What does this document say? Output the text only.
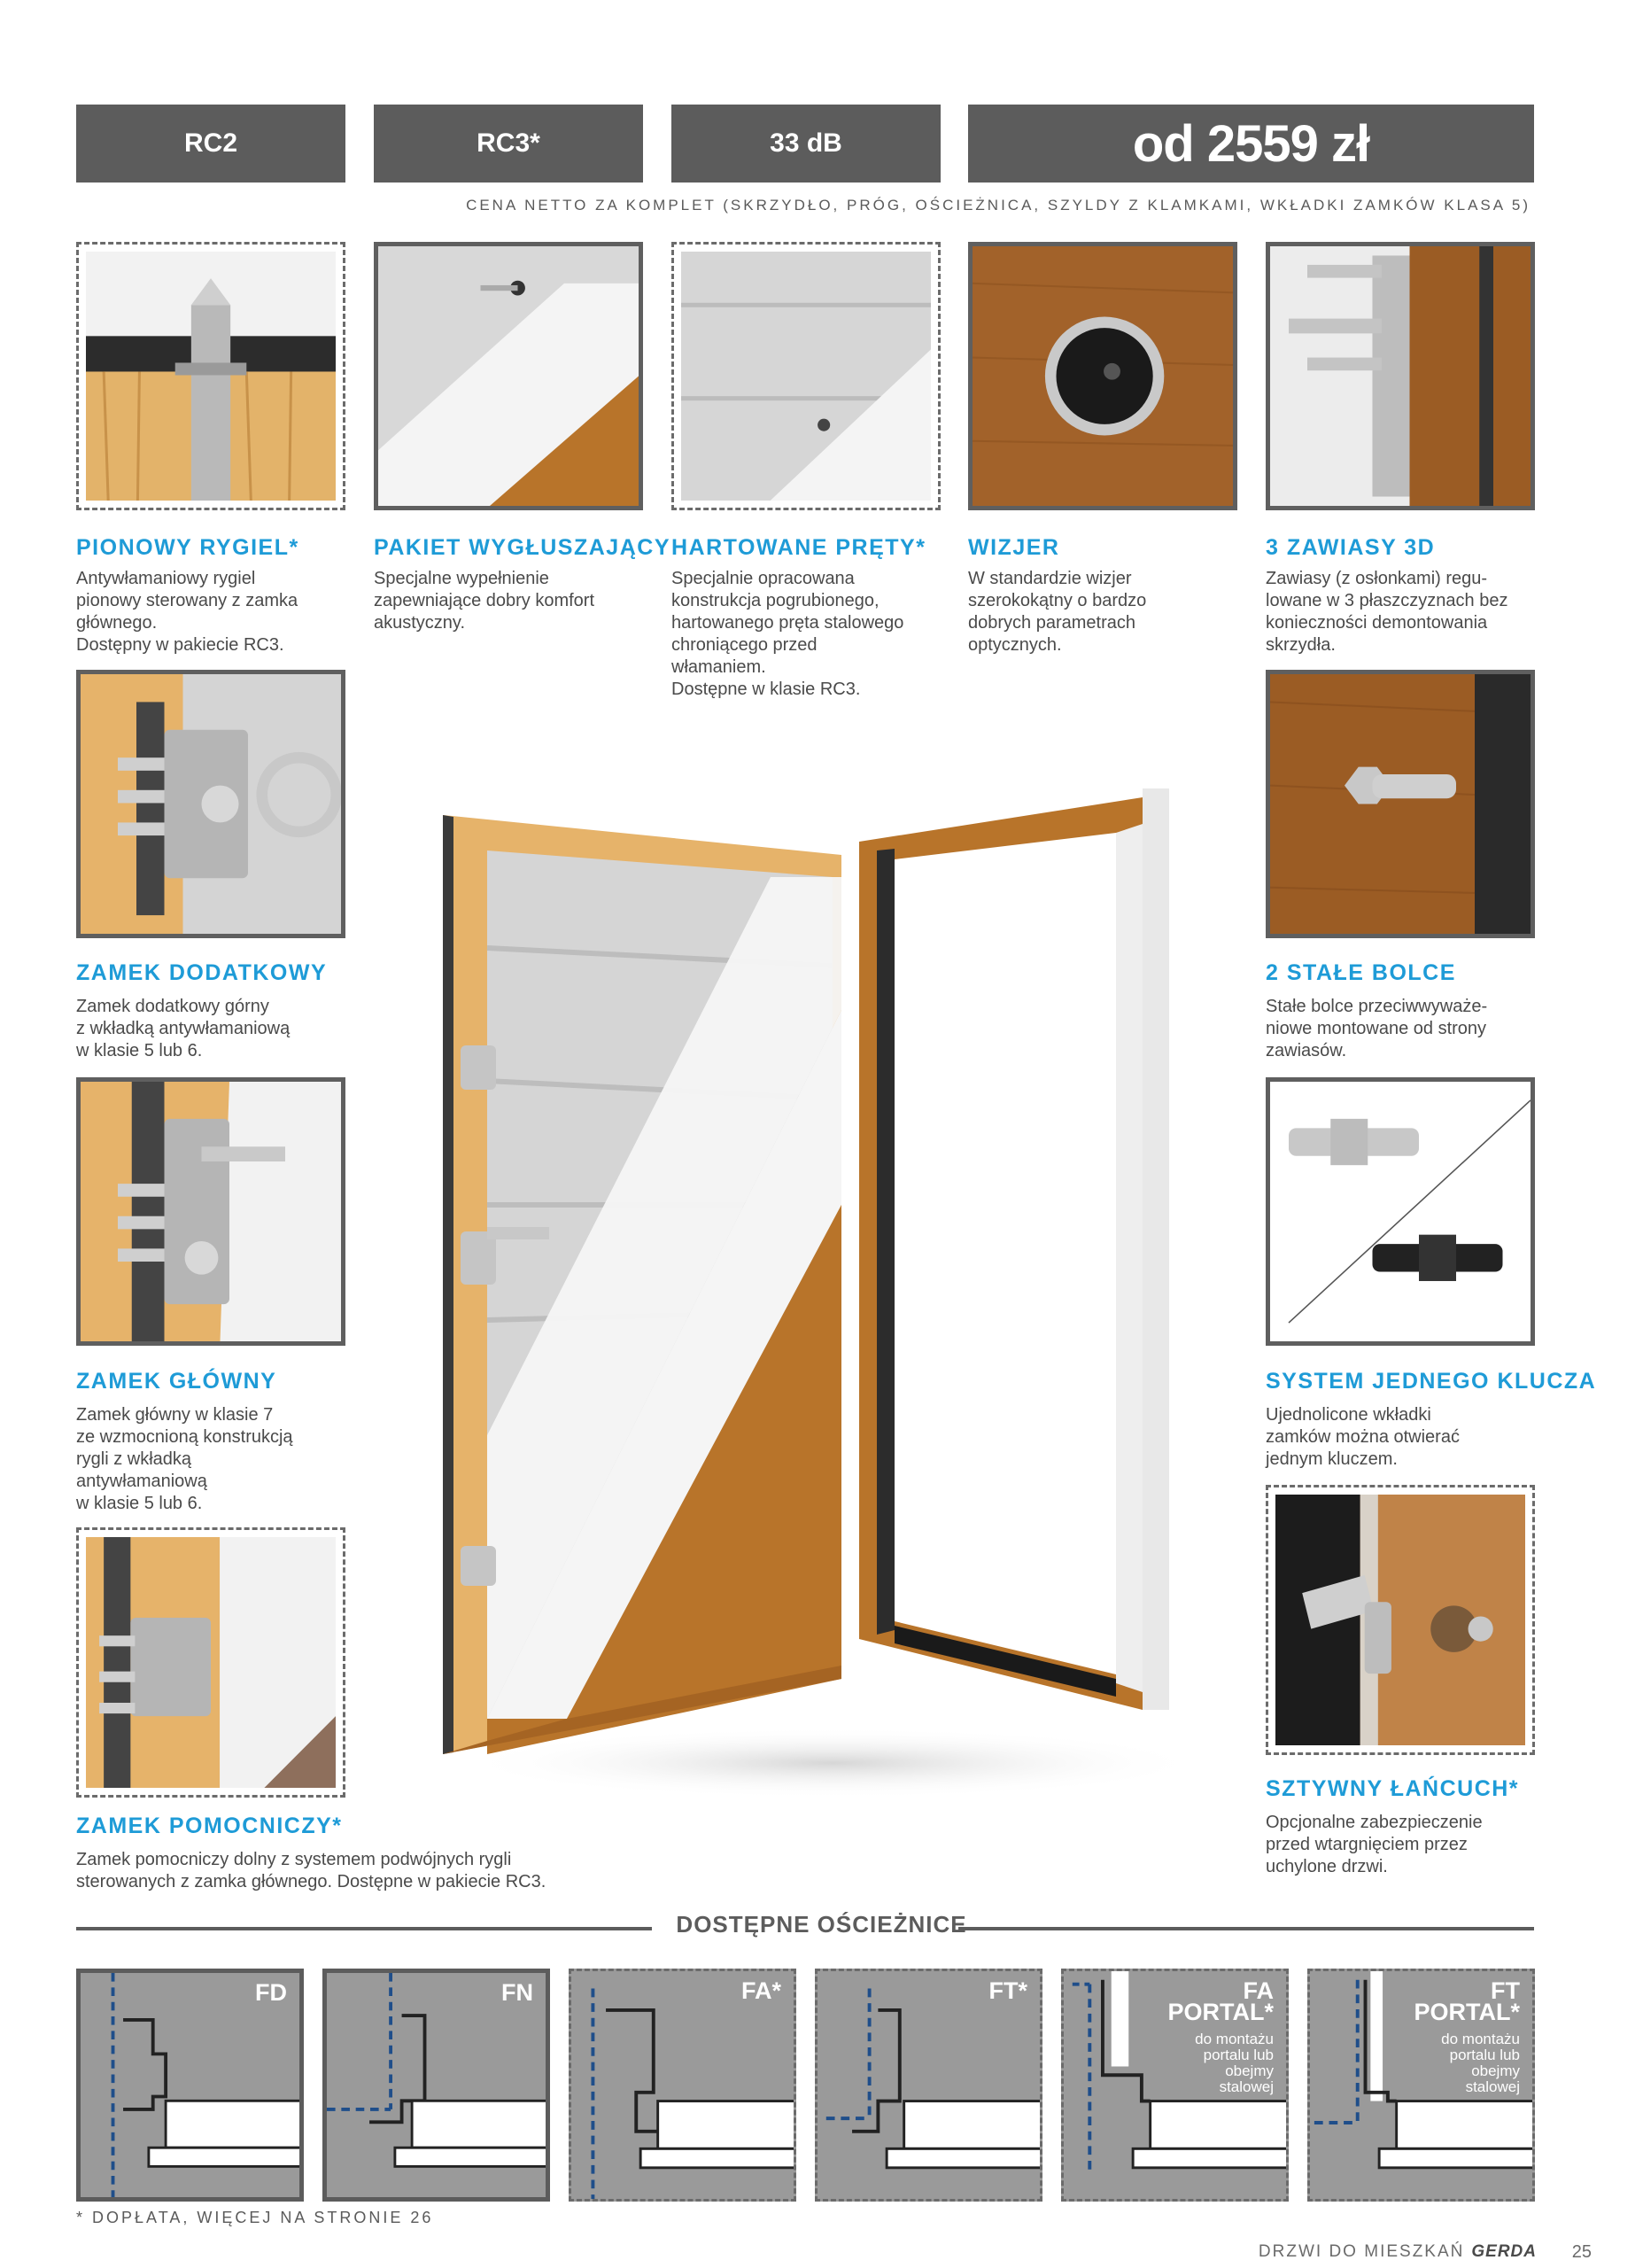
RC2	RC3*	33 dB	od 2559 zł
CENA NETTO ZA KOMPLET (SKRZYDŁO, PRÓG, OŚCIEŻNICA, SZYLDY Z KLAMKAMI, WKŁADKI ZAMKÓW KLASA 5)
PIONOWY RYGIEL*
Antywłamaniowy rygiel
pionowy sterowany z zamka
głównego.
Dostępny w pakiecie RC3.
PAKIET WYGŁUSZAJĄCY
Specjalne wypełnienie
zapewniające dobry komfort
akustyczny.
HARTOWANE PRĘTY*
Specjalnie opracowana
konstrukcja pogrubionego,
hartowanego pręta stalowego
chroniącego przed
włamaniem.
Dostępne w klasie RC3.
WIZJER
W standardzie wizjer
szerokokątny o bardzo
dobrych parametrach
optycznych.
3 ZAWIASY 3D
Zawiasy (z osłonkami) regu-
lowane w 3 płaszczyznach bez
konieczności demontowania
skrzydła.
ZAMEK DODATKOWY
Zamek dodatkowy górny
z wkładką antywłamaniową
w klasie 5 lub 6.
ZAMEK GŁÓWNY
Zamek główny w klasie 7
ze wzmocnioną konstrukcją
rygli z wkładką
antywłamaniową
w klasie 5 lub 6.
ZAMEK POMOCNICZY*
Zamek pomocniczy dolny z systemem podwójnych rygli
sterowanych z zamka głównego. Dostępne w pakiecie RC3.
2 STAŁE BOLCE
Stałe bolce przeciwwyważe-
niowe montowane od strony
zawiasów.
SYSTEM JEDNEGO KLUCZA
Ujednolicone wkładki
zamków można otwierać
jednym kluczem.
SZTYWNY ŁAŃCUCH*
Opcjonalne zabezpieczenie
przed wtargnięciem przez
uchylone drzwi.
DOSTĘPNE OŚCIEŻNICE
FD	FN	FA*	FT*	FA
PORTAL*
do montażu
portalu lub
obejmy
stalowej
FT
PORTAL*
do montażu
portalu lub
obejmy
stalowej
* DOPŁATA, WIĘCEJ NA STRONIE 26
DRZWI DO MIESZKAŃ GERDA 25
